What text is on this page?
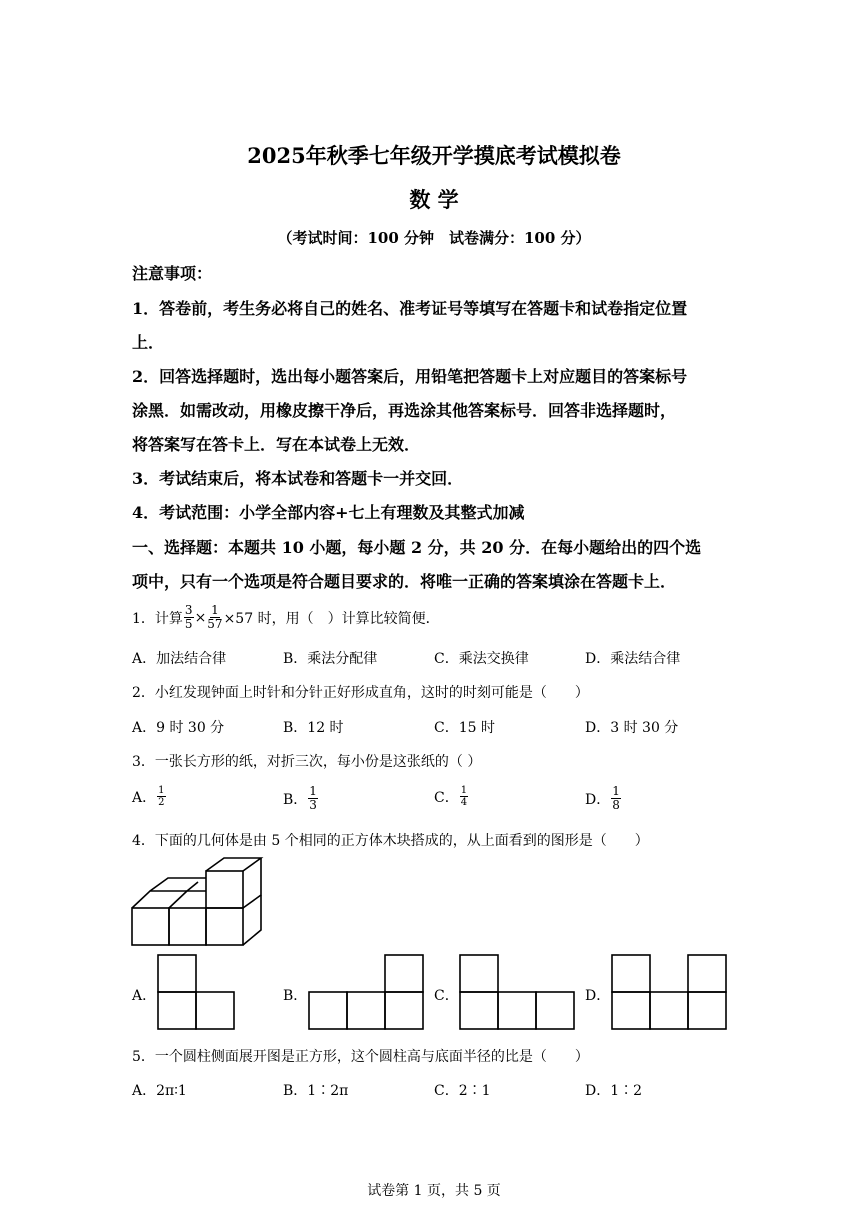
2025年秋季七年级开学摸底考试模拟卷
数 学
（考试时间：100 分钟　试卷满分：100 分）
注意事项：
1．答卷前，考生务必将自己的姓名、准考证号等填写在答题卡和试卷指定位置
上．
2．回答选择题时，选出每小题答案后，用铅笔把答题卡上对应题目的答案标号
涂黑．如需改动，用橡皮擦干净后，再选涂其他答案标号．回答非选择题时，
将答案写在答卡上．写在本试卷上无效．
3．考试结束后，将本试卷和答题卡一并交回．
4．考试范围：小学全部内容+七上有理数及其整式加减
一、选择题：本题共 10 小题，每小题 2 分，共 20 分．在每小题给出的四个选
项中，只有一个选项是符合题目要求的．将唯一正确的答案填涂在答题卡上．
1．计算 $\frac{3}{5} \times \frac{1}{57} \times 57$ 时，用（　）计算比较简便．
A．加法结合律	B．乘法分配律	C．乘法交换律	D．乘法结合律
2．小红发现钟面上时针和分针正好形成直角，这时的时刻可能是（　　）
A．9 时 30 分	B．12 时	C．15 时	D．3 时 30 分
3．一张长方形的纸，对折三次，每小份是这张纸的（ ）
A． $\frac{1}{2}$	B． $\frac{1}{3}$	C． $\frac{1}{4}$	D． $\frac{1}{8}$
4．下面的几何体是由 5 个相同的正方体木块搭成的，从上面看到的图形是（　　）
A．	B．	C．	D．
5．一个圆柱侧面展开图是正方形，这个圆柱高与底面半径的比是（　　）
A．2π∶1	B．1∶2π	C．2∶1	D．1∶2
试卷第 1 页，共 5 页
